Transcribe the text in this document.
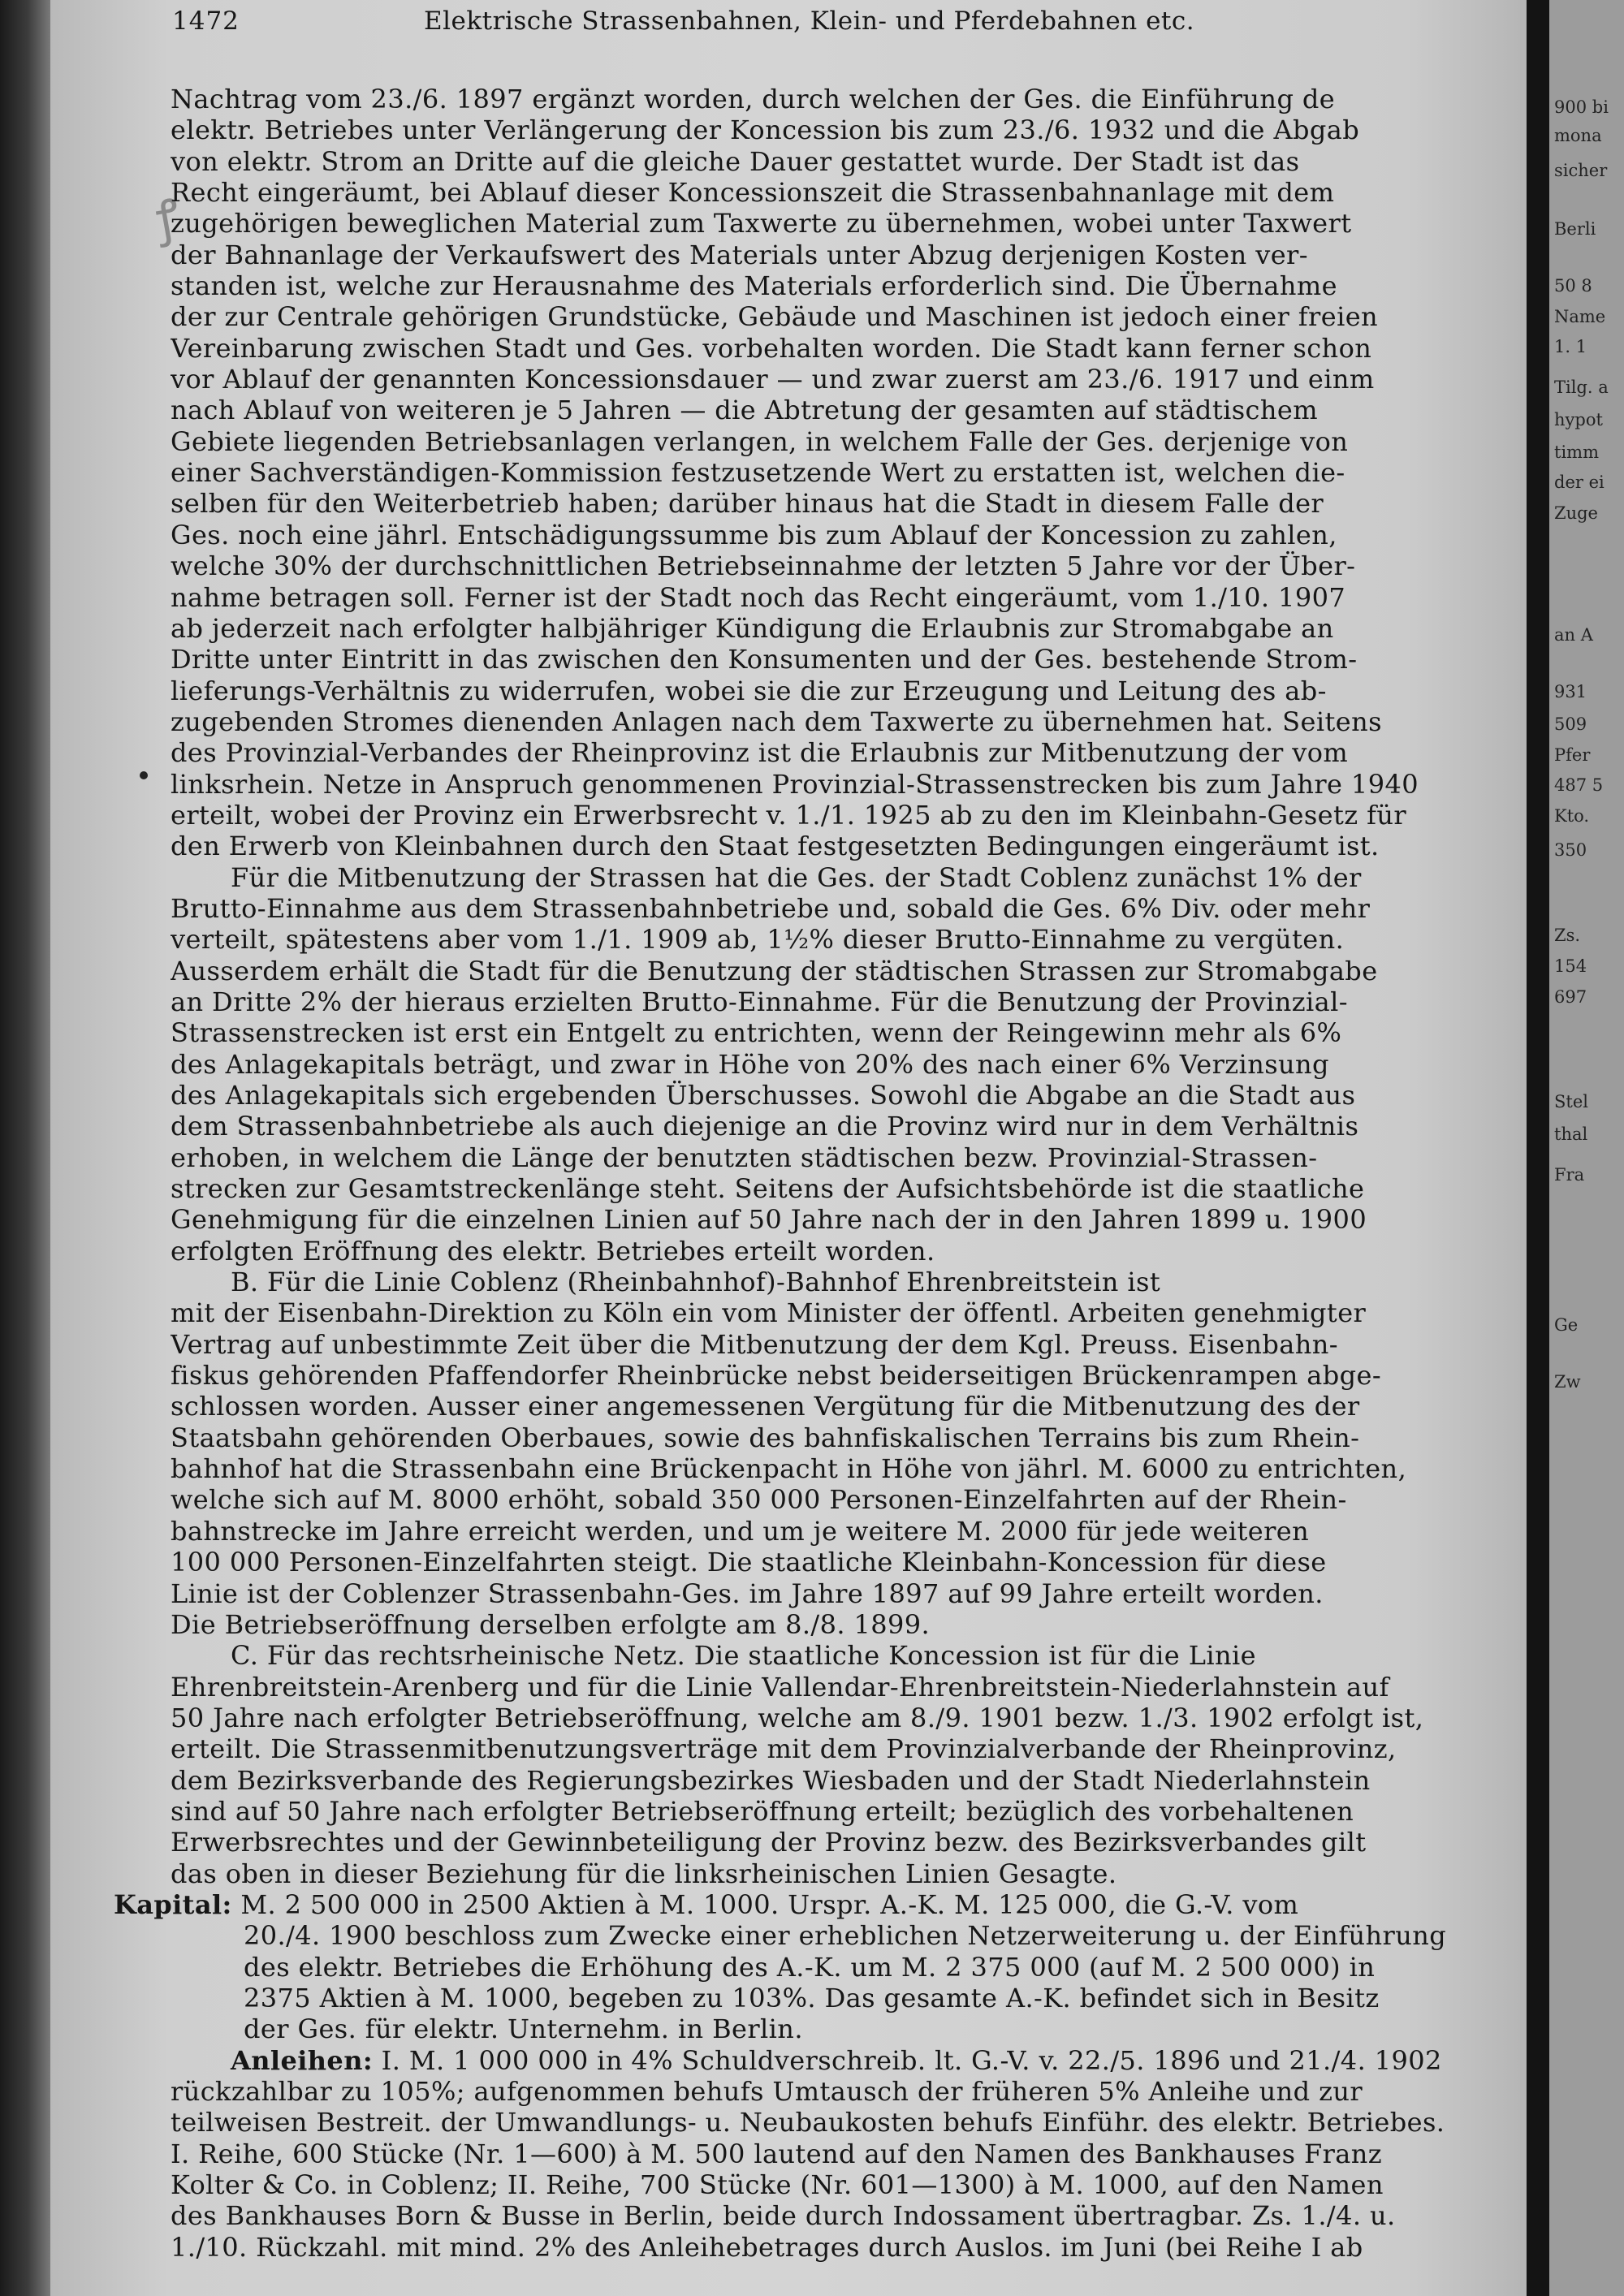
ꝭ
1472	Elektrische Strassenbahnen, Klein- und Pferdebahnen etc.

Nachtrag vom 23./6. 1897 ergänzt worden, durch welchen der Ges. die Einführung de

elektr. Betriebes unter Verlängerung der Koncession bis zum 23./6. 1932 und die Abgab

von elektr. Strom an Dritte auf die gleiche Dauer gestattet wurde. Der Stadt ist das

Recht eingeräumt, bei Ablauf dieser Koncessionszeit die Strassenbahnanlage mit dem

zugehörigen beweglichen Material zum Taxwerte zu übernehmen, wobei unter Taxwert

der Bahnanlage der Verkaufswert des Materials unter Abzug derjenigen Kosten ver-

standen ist, welche zur Herausnahme des Materials erforderlich sind. Die Übernahme

der zur Centrale gehörigen Grundstücke, Gebäude und Maschinen ist jedoch einer freien

Vereinbarung zwischen Stadt und Ges. vorbehalten worden. Die Stadt kann ferner schon

vor Ablauf der genannten Koncessionsdauer — und zwar zuerst am 23./6. 1917 und einm

nach Ablauf von weiteren je 5 Jahren — die Abtretung der gesamten auf städtischem

Gebiete liegenden Betriebsanlagen verlangen, in welchem Falle der Ges. derjenige von

einer Sachverständigen-Kommission festzusetzende Wert zu erstatten ist, welchen die-

selben für den Weiterbetrieb haben; darüber hinaus hat die Stadt in diesem Falle der

Ges. noch eine jährl. Entschädigungssumme bis zum Ablauf der Koncession zu zahlen,

welche 30% der durchschnittlichen Betriebseinnahme der letzten 5 Jahre vor der Über-

nahme betragen soll. Ferner ist der Stadt noch das Recht eingeräumt, vom 1./10. 1907

ab jederzeit nach erfolgter halbjähriger Kündigung die Erlaubnis zur Stromabgabe an

Dritte unter Eintritt in das zwischen den Konsumenten und der Ges. bestehende Strom-

lieferungs-Verhältnis zu widerrufen, wobei sie die zur Erzeugung und Leitung des ab-

zugebenden Stromes dienenden Anlagen nach dem Taxwerte zu übernehmen hat. Seitens

des Provinzial-Verbandes der Rheinprovinz ist die Erlaubnis zur Mitbenutzung der vom

linksrhein. Netze in Anspruch genommenen Provinzial-Strassenstrecken bis zum Jahre 1940

erteilt, wobei der Provinz ein Erwerbsrecht v. 1./1. 1925 ab zu den im Kleinbahn-Gesetz für

den Erwerb von Kleinbahnen durch den Staat festgesetzten Bedingungen eingeräumt ist.

Für die Mitbenutzung der Strassen hat die Ges. der Stadt Coblenz zunächst 1% der

Brutto-Einnahme aus dem Strassenbahnbetriebe und, sobald die Ges. 6% Div. oder mehr

verteilt, spätestens aber vom 1./1. 1909 ab, 1½% dieser Brutto-Einnahme zu vergüten.

Ausserdem erhält die Stadt für die Benutzung der städtischen Strassen zur Stromabgabe

an Dritte 2% der hieraus erzielten Brutto-Einnahme. Für die Benutzung der Provinzial-

Strassenstrecken ist erst ein Entgelt zu entrichten, wenn der Reingewinn mehr als 6%

des Anlagekapitals beträgt, und zwar in Höhe von 20% des nach einer 6% Verzinsung

des Anlagekapitals sich ergebenden Überschusses. Sowohl die Abgabe an die Stadt aus

dem Strassenbahnbetriebe als auch diejenige an die Provinz wird nur in dem Verhältnis

erhoben, in welchem die Länge der benutzten städtischen bezw. Provinzial-Strassen-

strecken zur Gesamtstreckenlänge steht. Seitens der Aufsichtsbehörde ist die staatliche

Genehmigung für die einzelnen Linien auf 50 Jahre nach der in den Jahren 1899 u. 1900

erfolgten Eröffnung des elektr. Betriebes erteilt worden.

B. Für die Linie Coblenz (Rheinbahnhof)-Bahnhof Ehrenbreitstein ist

mit der Eisenbahn-Direktion zu Köln ein vom Minister der öffentl. Arbeiten genehmigter

Vertrag auf unbestimmte Zeit über die Mitbenutzung der dem Kgl. Preuss. Eisenbahn-

fiskus gehörenden Pfaffendorfer Rheinbrücke nebst beiderseitigen Brückenrampen abge-

schlossen worden. Ausser einer angemessenen Vergütung für die Mitbenutzung des der

Staatsbahn gehörenden Oberbaues, sowie des bahnfiskalischen Terrains bis zum Rhein-

bahnhof hat die Strassenbahn eine Brückenpacht in Höhe von jährl. M. 6000 zu entrichten,

welche sich auf M. 8000 erhöht, sobald 350 000 Personen-Einzelfahrten auf der Rhein-

bahnstrecke im Jahre erreicht werden, und um je weitere M. 2000 für jede weiteren

100 000 Personen-Einzelfahrten steigt. Die staatliche Kleinbahn-Koncession für diese

Linie ist der Coblenzer Strassenbahn-Ges. im Jahre 1897 auf 99 Jahre erteilt worden.

Die Betriebseröffnung derselben erfolgte am 8./8. 1899.

C. Für das rechtsrheinische Netz. Die staatliche Koncession ist für die Linie

Ehrenbreitstein-Arenberg und für die Linie Vallendar-Ehrenbreitstein-Niederlahnstein auf

50 Jahre nach erfolgter Betriebseröffnung, welche am 8./9. 1901 bezw. 1./3. 1902 erfolgt ist,

erteilt. Die Strassenmitbenutzungsverträge mit dem Provinzialverbande der Rheinprovinz,

dem Bezirksverbande des Regierungsbezirkes Wiesbaden und der Stadt Niederlahnstein

sind auf 50 Jahre nach erfolgter Betriebseröffnung erteilt; bezüglich des vorbehaltenen

Erwerbsrechtes und der Gewinnbeteiligung der Provinz bezw. des Bezirksverbandes gilt

das oben in dieser Beziehung für die linksrheinischen Linien Gesagte.

Kapital: M. 2 500 000 in 2500 Aktien à M. 1000. Urspr. A.-K. M. 125 000, die G.-V. vom

20./4. 1900 beschloss zum Zwecke einer erheblichen Netzerweiterung u. der Einführung

des elektr. Betriebes die Erhöhung des A.-K. um M. 2 375 000 (auf M. 2 500 000) in

2375 Aktien à M. 1000, begeben zu 103%. Das gesamte A.-K. befindet sich in Besitz

der Ges. für elektr. Unternehm. in Berlin.

Anleihen: I. M. 1 000 000 in 4% Schuldverschreib. lt. G.-V. v. 22./5. 1896 und 21./4. 1902

rückzahlbar zu 105%; aufgenommen behufs Umtausch der früheren 5% Anleihe und zur

teilweisen Bestreit. der Umwandlungs- u. Neubaukosten behufs Einführ. des elektr. Betriebes.

I. Reihe, 600 Stücke (Nr. 1—600) à M. 500 lautend auf den Namen des Bankhauses Franz

Kolter & Co. in Coblenz; II. Reihe, 700 Stücke (Nr. 601—1300) à M. 1000, auf den Namen

des Bankhauses Born & Busse in Berlin, beide durch Indossament übertragbar. Zs. 1./4. u.

1./10. Rückzahl. mit mind. 2% des Anleihebetrages durch Auslos. im Juni (bei Reihe I ab

900 bi
mona
sicher
Berli
50 8
Name
1. 1
Tilg. a
hypot
timm
der ei
Zuge
an A
931
509
Pfer
487 5
Kto.
350
Zs.
154
697
Stel
thal
Fra
Ge
Zw
